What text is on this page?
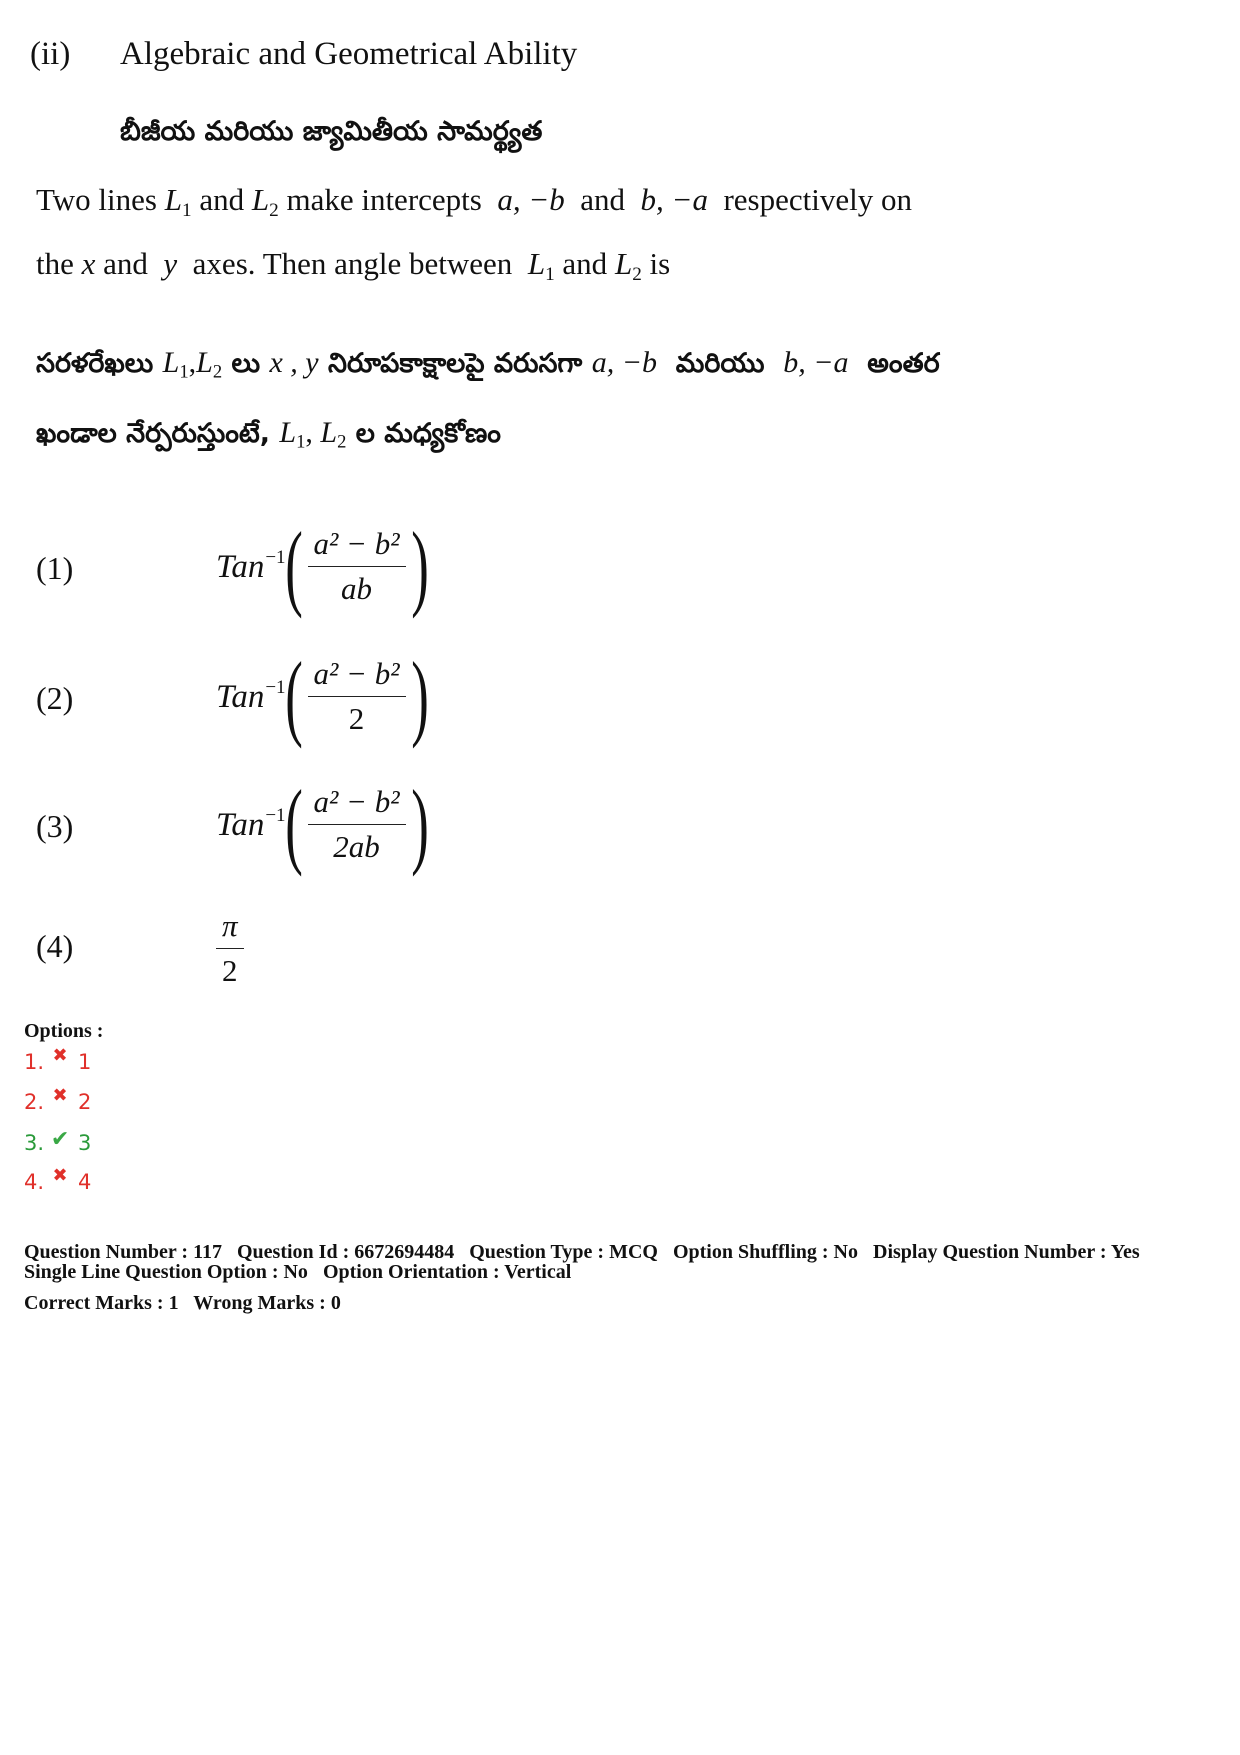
(ii) Algebraic and Geometrical Ability
బీజీయ మరియు జ్యామితీయ సామర్థ్యత
Two lines $L_1$ and $L_2$ make intercepts a, −b and b, −a respectively on
the x and y axes. Then angle between $L_1$ and $L_2$ is
సరళరేఖలు $L_1,L_2$ లు x , y నిరూపకాక్షాలపై వరుసగా a, −b మరియు b, −a అంతర
ఖండాల నేర్పరుస్తుంటే, $L_1$, $L_2$ ల మధ్యకోణం
(1)	Tan$^{-1}$ ( $\frac{\text{a² − b²}}{ab}$ )
(2)	Tan$^{-1}$ ( $\frac{\text{a² − b²}}{2}$ )
(3)	Tan$^{-1}$ ( $\frac{\text{a² − b²}}{2ab}$ )
(4)	$\frac{\pi}{2}$
Options :
1. ✖ 1
2. ✖ 2
3. ✔ 3
4. ✖ 4
Question Number : 117 Question Id : 6672694484 Question Type : MCQ Option Shuffling : No Display Question Number : Yes
Single Line Question Option : No Option Orientation : Vertical
Correct Marks : 1 Wrong Marks : 0
